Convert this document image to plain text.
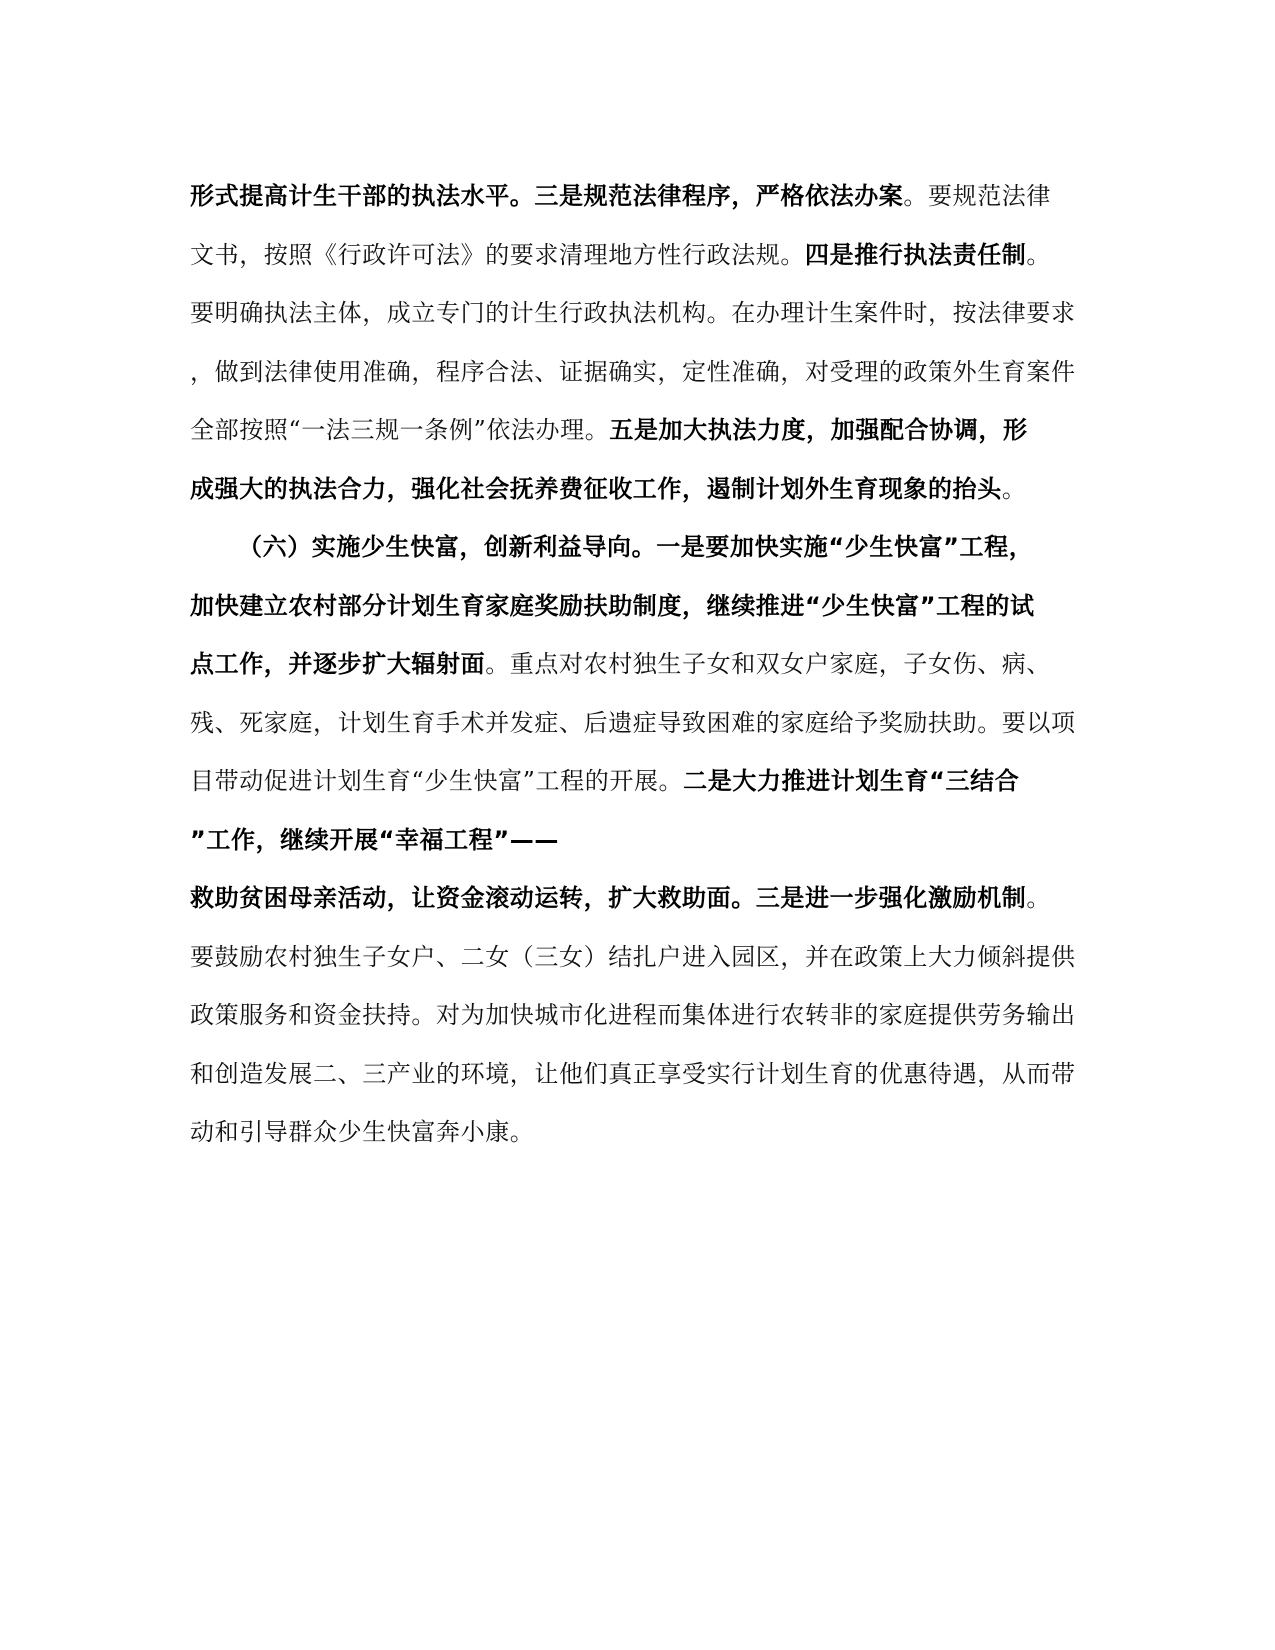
形式提高计生干部的执法水平。三是规范法律程序，严格依法办案。要规范法律
文书，按照《行政许可法》的要求清理地方性行政法规。四是推行执法责任制。
要明确执法主体，成立专门的计生行政执法机构。在办理计生案件时，按法律要求
，做到法律使用准确，程序合法、证据确实，定性准确，对受理的政策外生育案件
全部按照“一法三规一条例”依法办理。五是加大执法力度，加强配合协调，形
成强大的执法合力，强化社会抚养费征收工作，遏制计划外生育现象的抬头。
（六）实施少生快富，创新利益导向。一是要加快实施“少生快富”工程，
加快建立农村部分计划生育家庭奖励扶助制度，继续推进“少生快富”工程的试
点工作，并逐步扩大辐射面。重点对农村独生子女和双女户家庭，子女伤、病、
残、死家庭，计划生育手术并发症、后遗症导致困难的家庭给予奖励扶助。要以项
目带动促进计划生育“少生快富”工程的开展。二是大力推进计划生育“三结合
”工作，继续开展“幸福工程”——
救助贫困母亲活动，让资金滚动运转，扩大救助面。三是进一步强化激励机制。
要鼓励农村独生子女户、二女（三女）结扎户进入园区，并在政策上大力倾斜提供
政策服务和资金扶持。对为加快城市化进程而集体进行农转非的家庭提供劳务输出
和创造发展二、三产业的环境，让他们真正享受实行计划生育的优惠待遇，从而带
动和引导群众少生快富奔小康。
